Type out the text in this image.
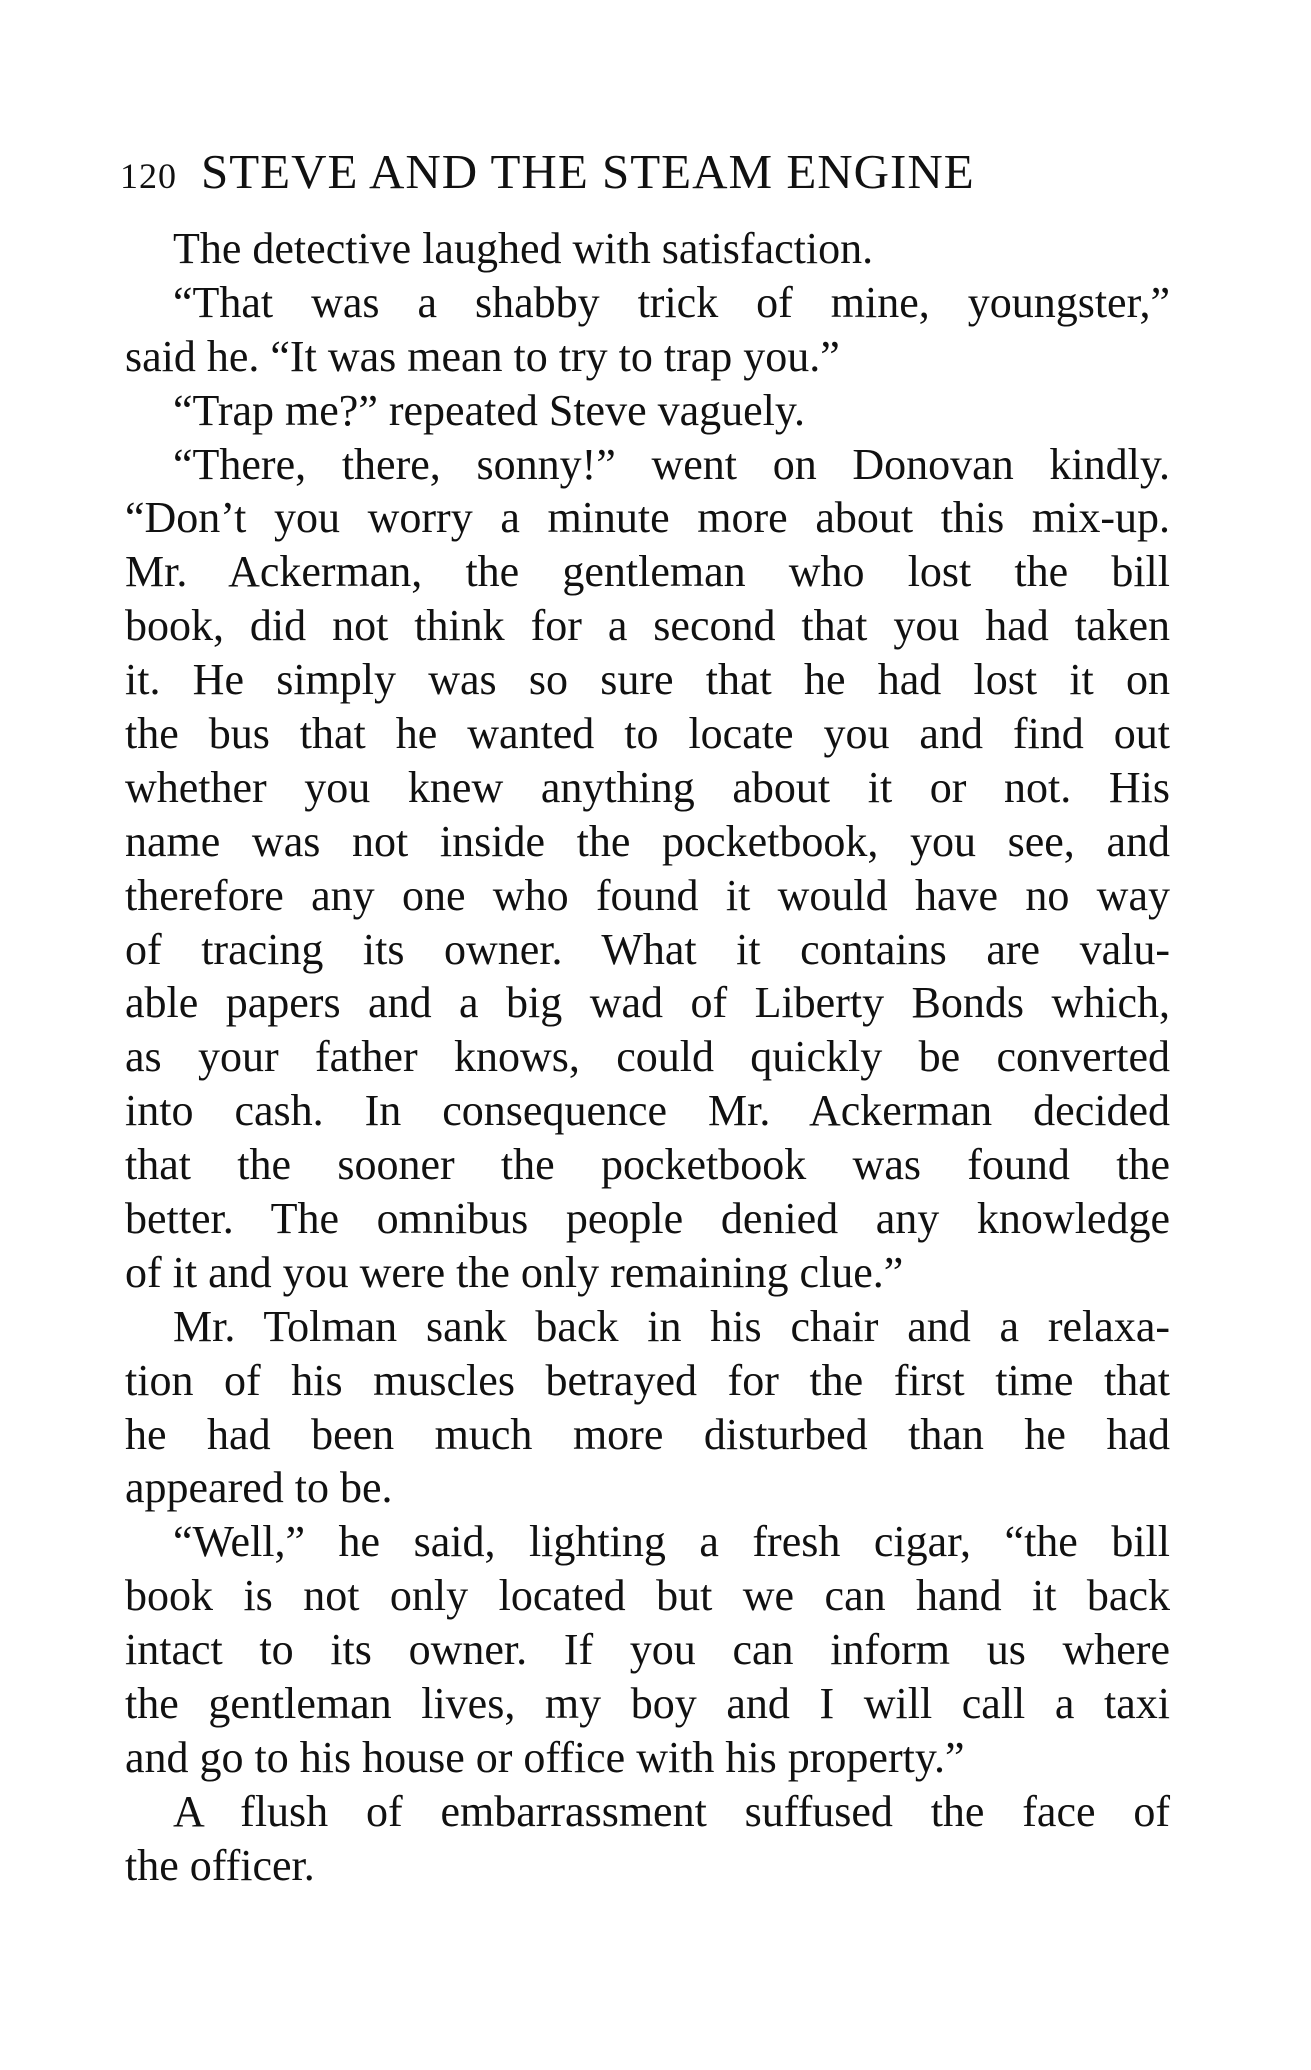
120 STEVE AND THE STEAM ENGINE
The detective laughed with satisfaction.
“That was a shabby trick of mine, youngster,”
said he. “It was mean to try to trap you.”
“Trap me?” repeated Steve vaguely.
“There, there, sonny!” went on Donovan kindly.
“Don’t you worry a minute more about this mix-up.
Mr. Ackerman, the gentleman who lost the bill
book, did not think for a second that you had taken
it. He simply was so sure that he had lost it on
the bus that he wanted to locate you and find out
whether you knew anything about it or not. His
name was not inside the pocketbook, you see, and
therefore any one who found it would have no way
of tracing its owner. What it contains are valu-
able papers and a big wad of Liberty Bonds which,
as your father knows, could quickly be converted
into cash. In consequence Mr. Ackerman decided
that the sooner the pocketbook was found the
better. The omnibus people denied any knowledge
of it and you were the only remaining clue.”
Mr. Tolman sank back in his chair and a relaxa-
tion of his muscles betrayed for the first time that
he had been much more disturbed than he had
appeared to be.
“Well,” he said, lighting a fresh cigar, “the bill
book is not only located but we can hand it back
intact to its owner. If you can inform us where
the gentleman lives, my boy and I will call a taxi
and go to his house or office with his property.”
A flush of embarrassment suffused the face of
the officer.
